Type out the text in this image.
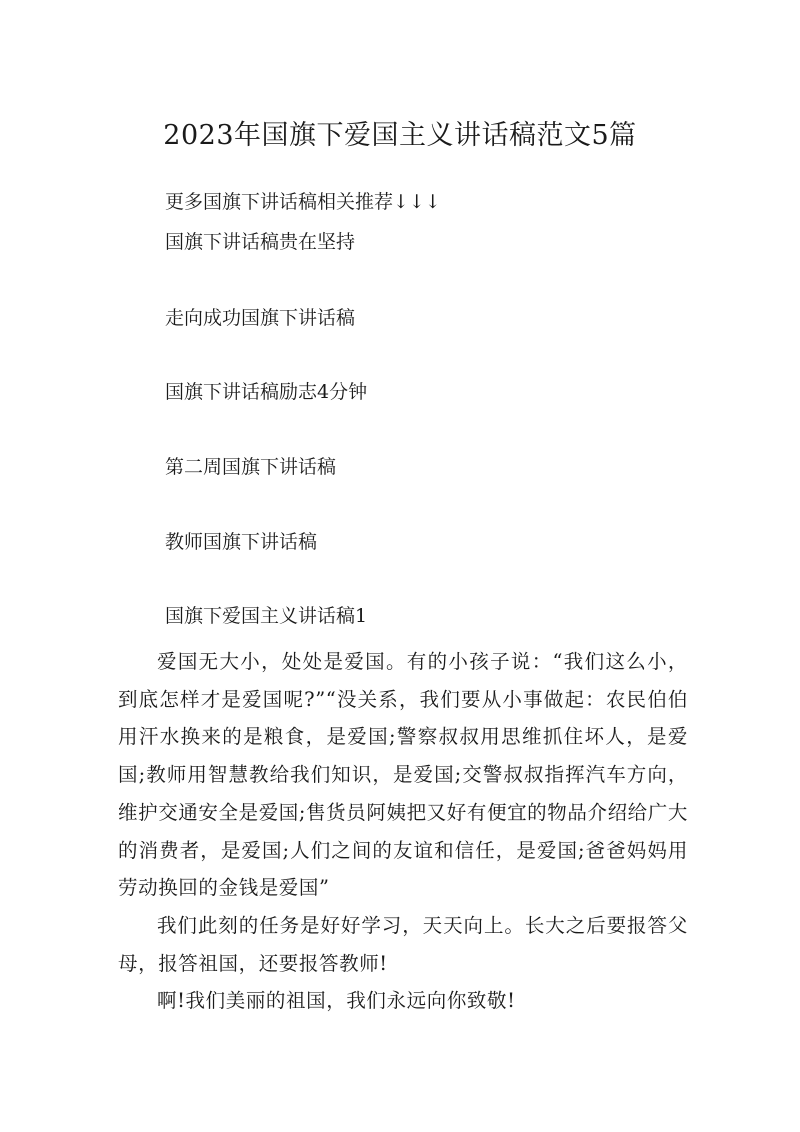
2023年国旗下爱国主义讲话稿范文5篇
更多国旗下讲话稿相关推荐↓↓↓
国旗下讲话稿贵在坚持
走向成功国旗下讲话稿
国旗下讲话稿励志4分钟
第二周国旗下讲话稿
教师国旗下讲话稿
国旗下爱国主义讲话稿1

爱国无大小，处处是爱国。有的小孩子说：“我们这么小，到底怎样才是爱国呢?”“没关系，我们要从小事做起：农民伯伯用汗水换来的是粮食，是爱国;警察叔叔用思维抓住坏人，是爱国;教师用智慧教给我们知识，是爱国;交警叔叔指挥汽车方向，维护交通安全是爱国;售货员阿姨把又好有便宜的物品介绍给广大的消费者，是爱国;人们之间的友谊和信任，是爱国;爸爸妈妈用劳动换回的金钱是爱国”

我们此刻的任务是好好学习，天天向上。长大之后要报答父母，报答祖国，还要报答教师!

啊!我们美丽的祖国，我们永远向你致敬!
